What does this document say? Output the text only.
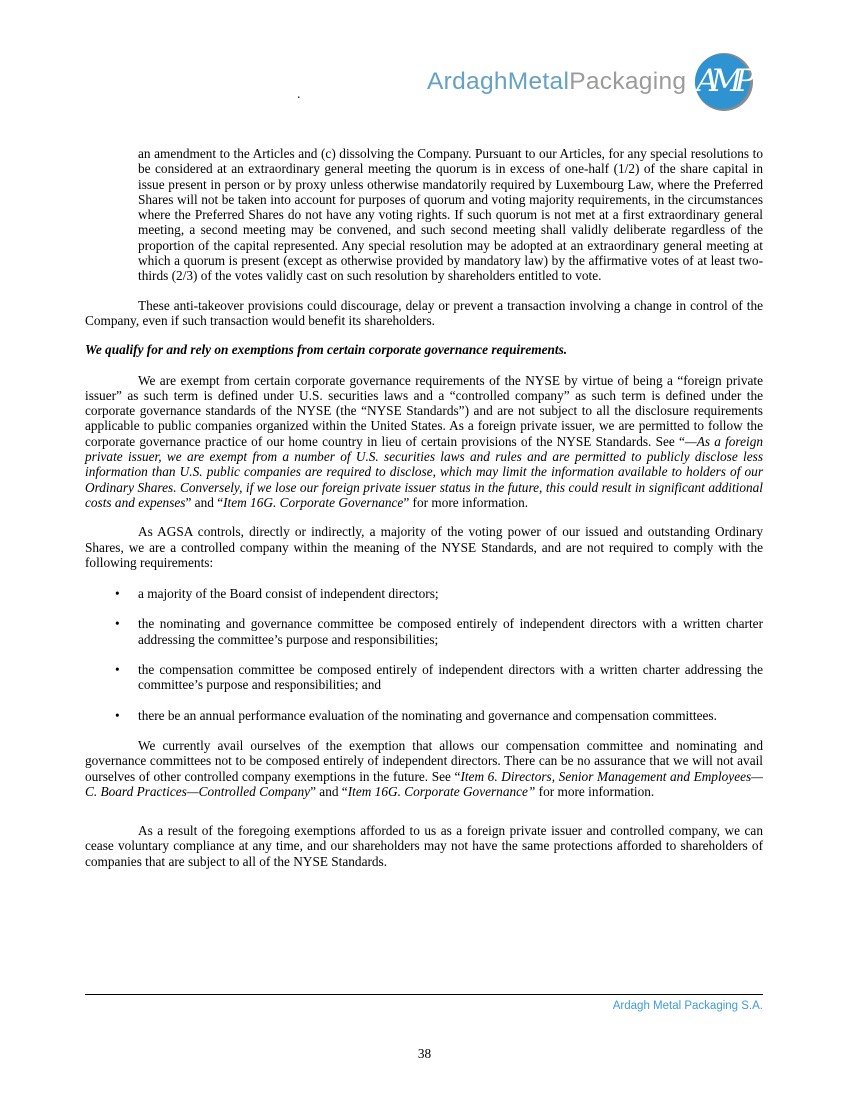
ArdaghMetalPackaging AMP
.

an amendment to the Articles and (c) dissolving the Company. Pursuant to our Articles, for any special resolutions to be considered at an extraordinary general meeting the quorum is in excess of one-half (1/2) of the share capital in issue present in person or by proxy unless otherwise mandatorily required by Luxembourg Law, where the Preferred Shares will not be taken into account for purposes of quorum and voting majority requirements, in the circumstances where the Preferred Shares do not have any voting rights. If such quorum is not met at a first extraordinary general meeting, a second meeting may be convened, and such second meeting shall validly deliberate regardless of the proportion of the capital represented. Any special resolution may be adopted at an extraordinary general meeting at which a quorum is present (except as otherwise provided by mandatory law) by the affirmative votes of at least two-thirds (2/3) of the votes validly cast on such resolution by shareholders entitled to vote.

These anti-takeover provisions could discourage, delay or prevent a transaction involving a change in control of the Company, even if such transaction would benefit its shareholders.

We qualify for and rely on exemptions from certain corporate governance requirements.

We are exempt from certain corporate governance requirements of the NYSE by virtue of being a “foreign private issuer” as such term is defined under U.S. securities laws and a “controlled company” as such term is defined under the corporate governance standards of the NYSE (the “NYSE Standards”) and are not subject to all the disclosure requirements applicable to public companies organized within the United States. As a foreign private issuer, we are permitted to follow the corporate governance practice of our home country in lieu of certain provisions of the NYSE Standards. See “—As a foreign private issuer, we are exempt from a number of U.S. securities laws and rules and are permitted to publicly disclose less information than U.S. public companies are required to disclose, which may limit the information available to holders of our Ordinary Shares. Conversely, if we lose our foreign private issuer status in the future, this could result in significant additional costs and expenses” and “Item 16G. Corporate Governance” for more information.

As AGSA controls, directly or indirectly, a majority of the voting power of our issued and outstanding Ordinary Shares, we are a controlled company within the meaning of the NYSE Standards, and are not required to comply with the following requirements:

• a majority of the Board consist of independent directors;
• the nominating and governance committee be composed entirely of independent directors with a written charter addressing the committee’s purpose and responsibilities;
• the compensation committee be composed entirely of independent directors with a written charter addressing the committee’s purpose and responsibilities; and
• there be an annual performance evaluation of the nominating and governance and compensation committees.

We currently avail ourselves of the exemption that allows our compensation committee and nominating and governance committees not to be composed entirely of independent directors. There can be no assurance that we will not avail ourselves of other controlled company exemptions in the future. See “Item 6. Directors, Senior Management and Employees—C. Board Practices—Controlled Company” and “Item 16G. Corporate Governance” for more information.

As a result of the foregoing exemptions afforded to us as a foreign private issuer and controlled company, we can cease voluntary compliance at any time, and our shareholders may not have the same protections afforded to shareholders of companies that are subject to all of the NYSE Standards.

Ardagh Metal Packaging S.A.
38
